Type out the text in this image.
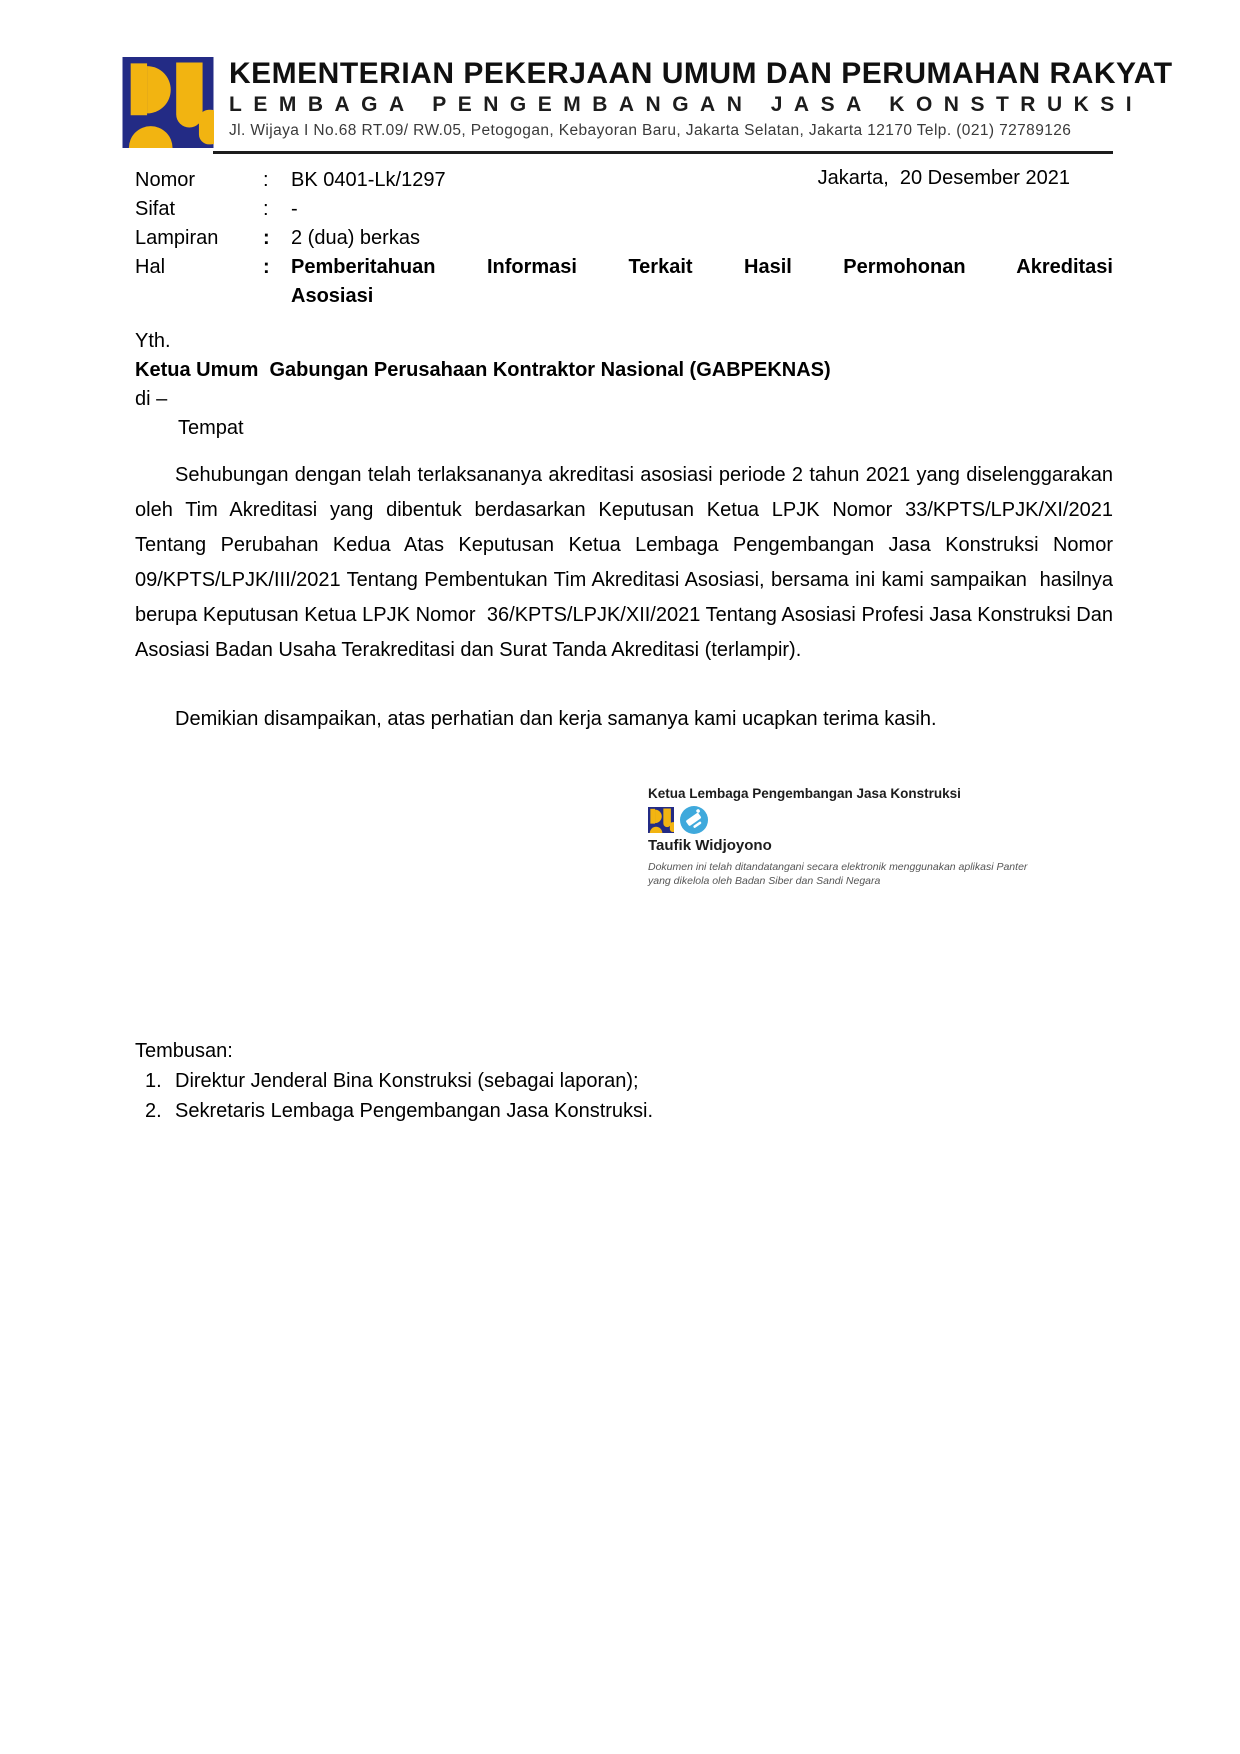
KEMENTERIAN PEKERJAAN UMUM DAN PERUMAHAN RAKYAT
LEMBAGA PENGEMBANGAN JASA KONSTRUKSI
Jl. Wijaya I No.68 RT.09/ RW.05, Petogogan, Kebayoran Baru, Jakarta Selatan, Jakarta 12170 Telp. (021) 72789126
Jakarta,  20 Desember 2021
Nomor	:	BK 0401-Lk/1297
Sifat	:	-
Lampiran	:	2 (dua) berkas
Hal	:	Pemberitahuan Informasi Terkait Hasil Permohonan Akreditasi
Asosiasi
Yth.
Ketua Umum  Gabungan Perusahaan Kontraktor Nasional (GABPEKNAS)
di –
Tempat
Sehubungan dengan telah terlaksananya akreditasi asosiasi periode 2 tahun 2021 yang diselenggarakan oleh Tim Akreditasi yang dibentuk berdasarkan Keputusan Ketua LPJK Nomor 33/KPTS/LPJK/XI/2021 Tentang Perubahan Kedua Atas Keputusan Ketua Lembaga Pengembangan Jasa Konstruksi Nomor 09/KPTS/LPJK/III/2021 Tentang Pembentukan Tim Akreditasi Asosiasi, bersama ini kami sampaikan  hasilnya berupa Keputusan Ketua LPJK Nomor  36/KPTS/LPJK/XII/2021 Tentang Asosiasi Profesi Jasa Konstruksi Dan Asosiasi Badan Usaha Terakreditasi dan Surat Tanda Akreditasi (terlampir).
Demikian disampaikan, atas perhatian dan kerja samanya kami ucapkan terima kasih.
Ketua Lembaga Pengembangan Jasa Konstruksi
Taufik Widjoyono
Dokumen ini telah ditandatangani secara elektronik menggunakan aplikasi Panter
yang dikelola oleh Badan Siber dan Sandi Negara
Tembusan:
1. Direktur Jenderal Bina Konstruksi (sebagai laporan);
2. Sekretaris Lembaga Pengembangan Jasa Konstruksi.
